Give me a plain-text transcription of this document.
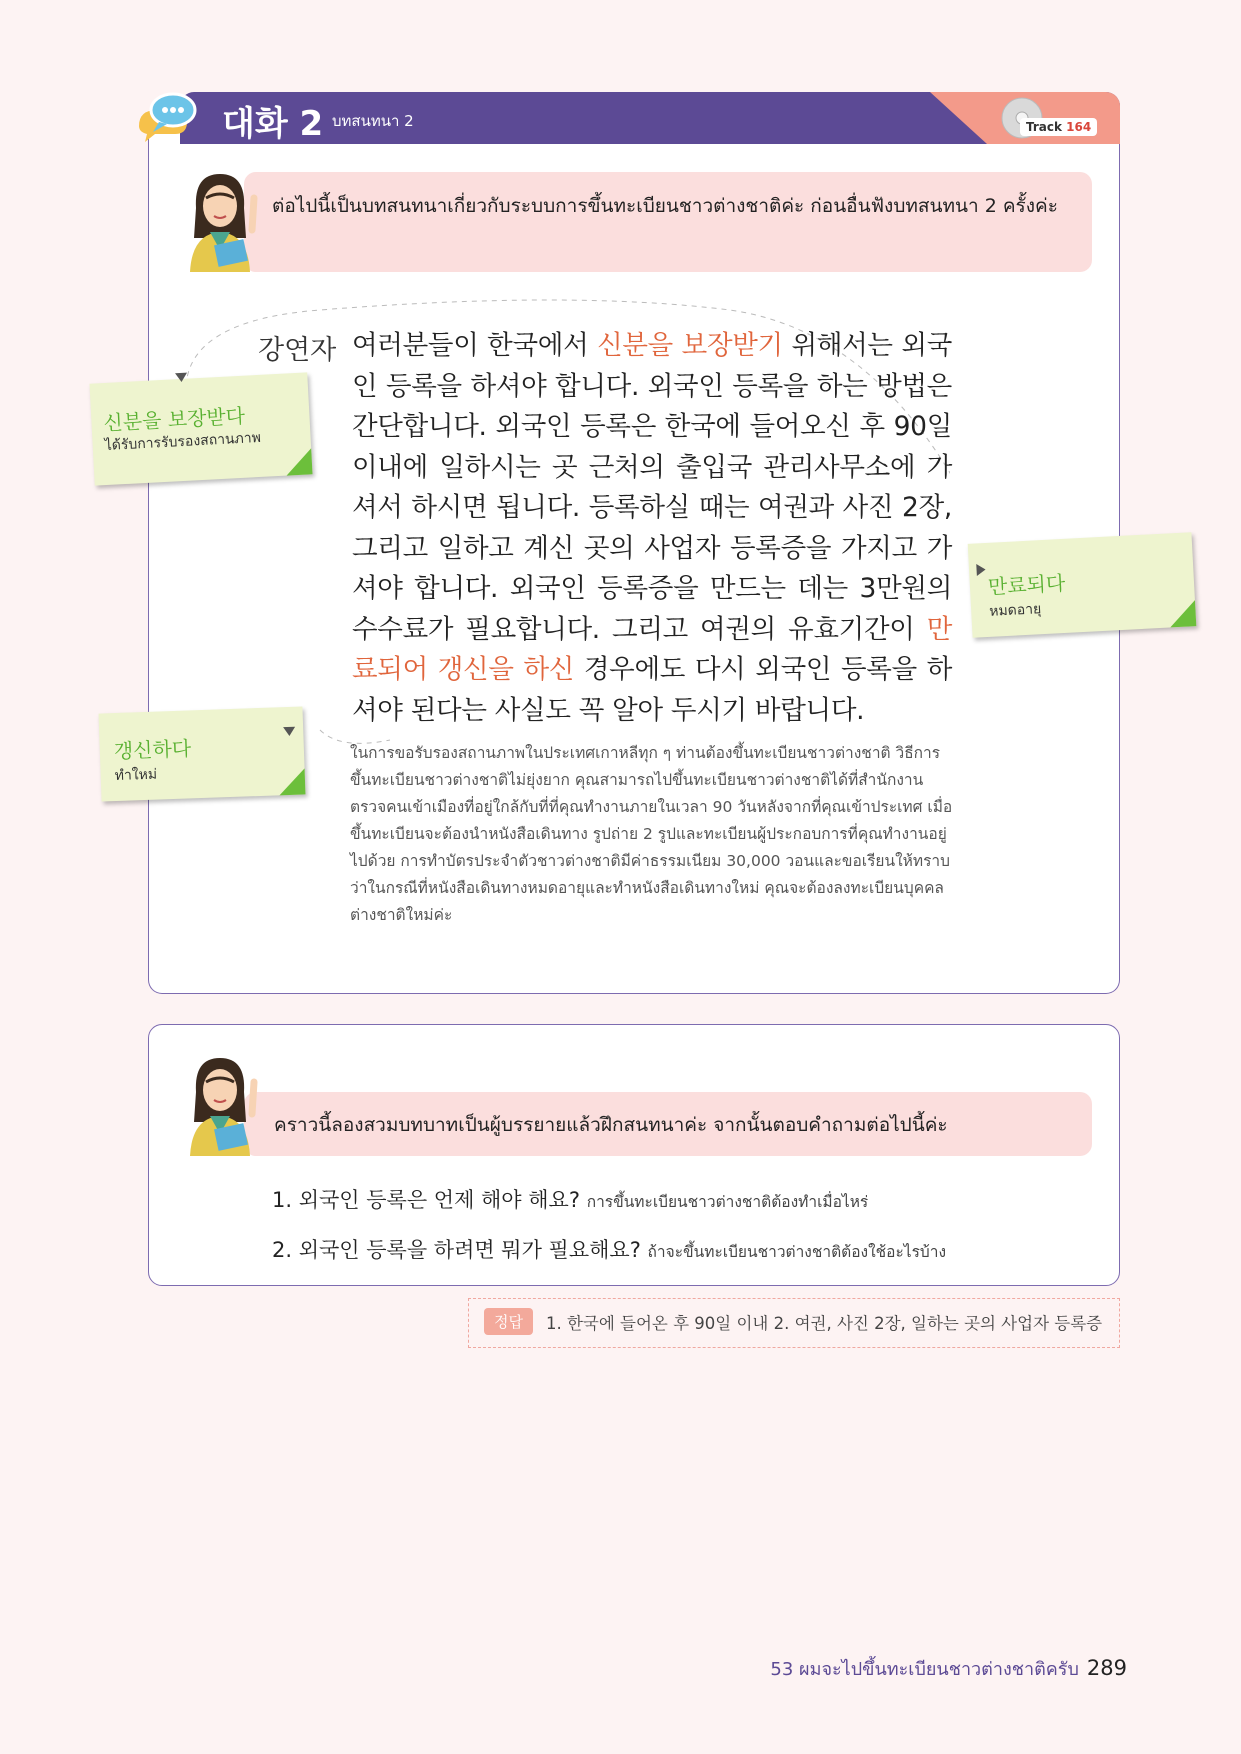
대화 2 บทสนทนา 2	Track 164
ต่อไปนี้เป็นบทสนทนาเกี่ยวกับระบบการขึ้นทะเบียนชาวต่างชาติค่ะ ก่อนอื่นฟังบทสนทนา 2 ครั้งค่ะ
강연자 여러분들이 한국에서 신분을 보장받기 위해서는 외국인 등록을 하셔야 합니다. 외국인 등록을 하는 방법은 간단합니다. 외국인 등록은 한국에 들어오신 후 90일 이내에 일하시는 곳 근처의 출입국 관리사무소에 가셔서 하시면 됩니다. 등록하실 때는 여권과 사진 2장, 그리고 일하고 계신 곳의 사업자 등록증을 가지고 가셔야 합니다. 외국인 등록증을 만드는 데는 3만원의 수수료가 필요합니다. 그리고 여권의 유효기간이 만료되어 갱신을 하신 경우에도 다시 외국인 등록을 하셔야 된다는 사실도 꼭 알아 두시기 바랍니다.
ในการขอรับรองสถานภาพในประเทศเกาหลีทุก ๆ ท่านต้องขึ้นทะเบียนชาวต่างชาติ วิธีการขึ้นทะเบียนชาวต่างชาติไม่ยุ่งยาก คุณสามารถไปขึ้นทะเบียนชาวต่างชาติได้ที่สำนักงานตรวจคนเข้าเมืองที่อยู่ใกล้กับที่ที่คุณทำงานภายในเวลา 90 วันหลังจากที่คุณเข้าประเทศ เมื่อขึ้นทะเบียนจะต้องนำหนังสือเดินทาง รูปถ่าย 2 รูปและทะเบียนผู้ประกอบการที่คุณทำงานอยู่ไปด้วย การทำบัตรประจำตัวชาวต่างชาติมีค่าธรรมเนียม 30,000 วอนและขอเรียนให้ทราบว่าในกรณีที่หนังสือเดินทางหมดอายุและทำหนังสือเดินทางใหม่ คุณจะต้องลงทะเบียนบุคคลต่างชาติใหม่ค่ะ
신분을 보장받다
ได้รับการรับรองสถานภาพ
만료되다
หมดอายุ
갱신하다
ทำใหม่
คราวนี้ลองสวมบทบาทเป็นผู้บรรยายแล้วฝึกสนทนาค่ะ จากนั้นตอบคำถามต่อไปนี้ค่ะ
1. 외국인 등록은 언제 해야 해요? การขึ้นทะเบียนชาวต่างชาติต้องทำเมื่อไหร่
2. 외국인 등록을 하려면 뭐가 필요해요? ถ้าจะขึ้นทะเบียนชาวต่างชาติต้องใช้อะไรบ้าง
정답	1. 한국에 들어온 후 90일 이내 2. 여권, 사진 2장, 일하는 곳의 사업자 등록증
53 ผมจะไปขึ้นทะเบียนชาวต่างชาติครับ 289
